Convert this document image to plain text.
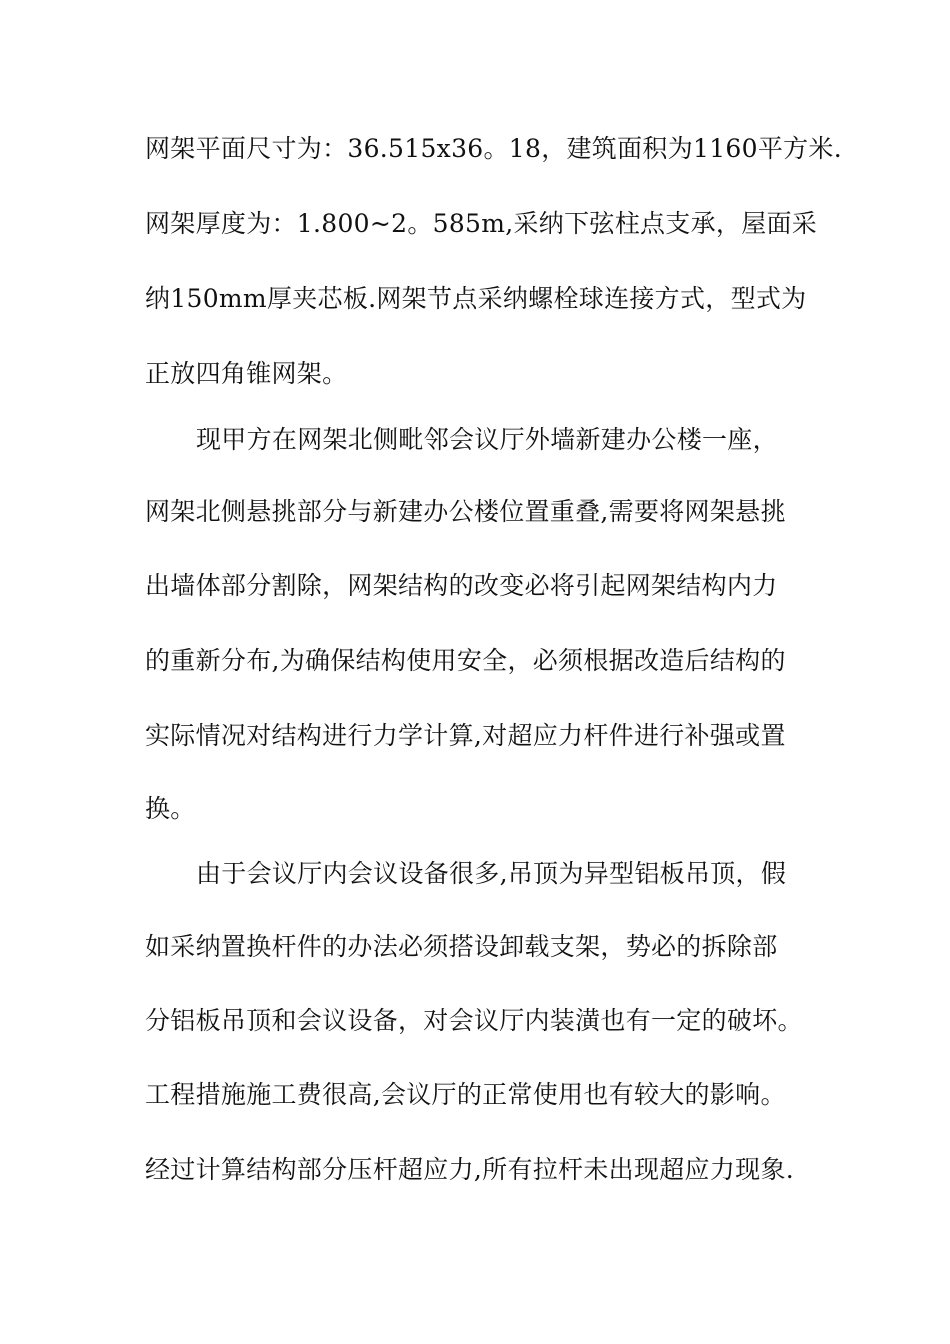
网架平面尺寸为：36.515x36。18，建筑面积为1160平方米.
网架厚度为：1.800~2。585m,采纳下弦柱点支承，屋面采
纳150mm厚夹芯板.网架节点采纳螺栓球连接方式，型式为
正放四角锥网架。
现甲方在网架北侧毗邻会议厅外墙新建办公楼一座，
网架北侧悬挑部分与新建办公楼位置重叠,需要将网架悬挑
出墙体部分割除，网架结构的改变必将引起网架结构内力
的重新分布,为确保结构使用安全，必须根据改造后结构的
实际情况对结构进行力学计算,对超应力杆件进行补强或置
换。
由于会议厅内会议设备很多,吊顶为异型铝板吊顶，假
如采纳置换杆件的办法必须搭设卸载支架，势必的拆除部
分铝板吊顶和会议设备，对会议厅内装潢也有一定的破坏。
工程措施施工费很高,会议厅的正常使用也有较大的影响。
经过计算结构部分压杆超应力,所有拉杆未出现超应力现象.
